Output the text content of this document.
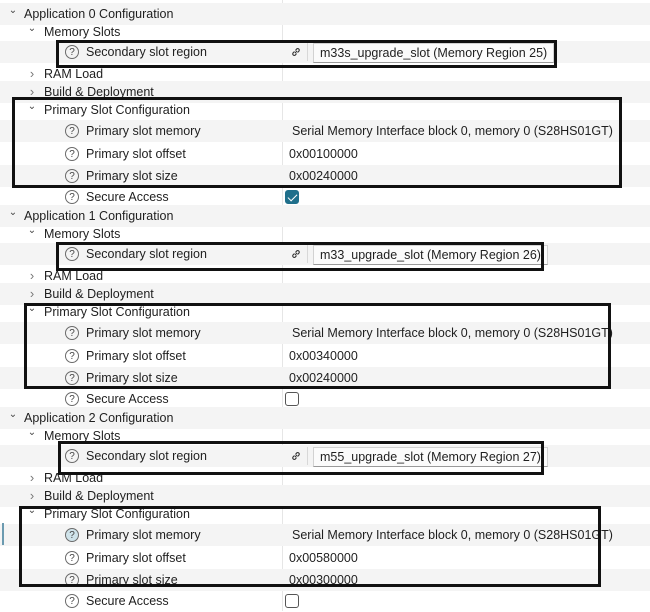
⌄
Application 0 Configuration
⌄
Memory Slots
? Secondary slot region	m33s_upgrade_slot (Memory Region 25)
›
RAM Load
›
Build & Deployment
⌄
Primary Slot Configuration
? Primary slot memory	Serial Memory Interface block 0, memory 0 (S28HS01GT)
? Primary slot offset	0x00100000
? Primary slot size	0x00240000
? Secure Access
⌄
Application 1 Configuration
⌄
Memory Slots
? Secondary slot region	m33_upgrade_slot (Memory Region 26)
›
RAM Load
›
Build & Deployment
⌄
Primary Slot Configuration
? Primary slot memory	Serial Memory Interface block 0, memory 0 (S28HS01GT)
? Primary slot offset	0x00340000
? Primary slot size	0x00240000
? Secure Access
⌄
Application 2 Configuration
⌄
Memory Slots
? Secondary slot region	m55_upgrade_slot (Memory Region 27)
›
RAM Load
›
Build & Deployment
⌄
Primary Slot Configuration
? Primary slot memory	Serial Memory Interface block 0, memory 0 (S28HS01GT)
? Primary slot offset	0x00580000
? Primary slot size	0x00300000
? Secure Access
